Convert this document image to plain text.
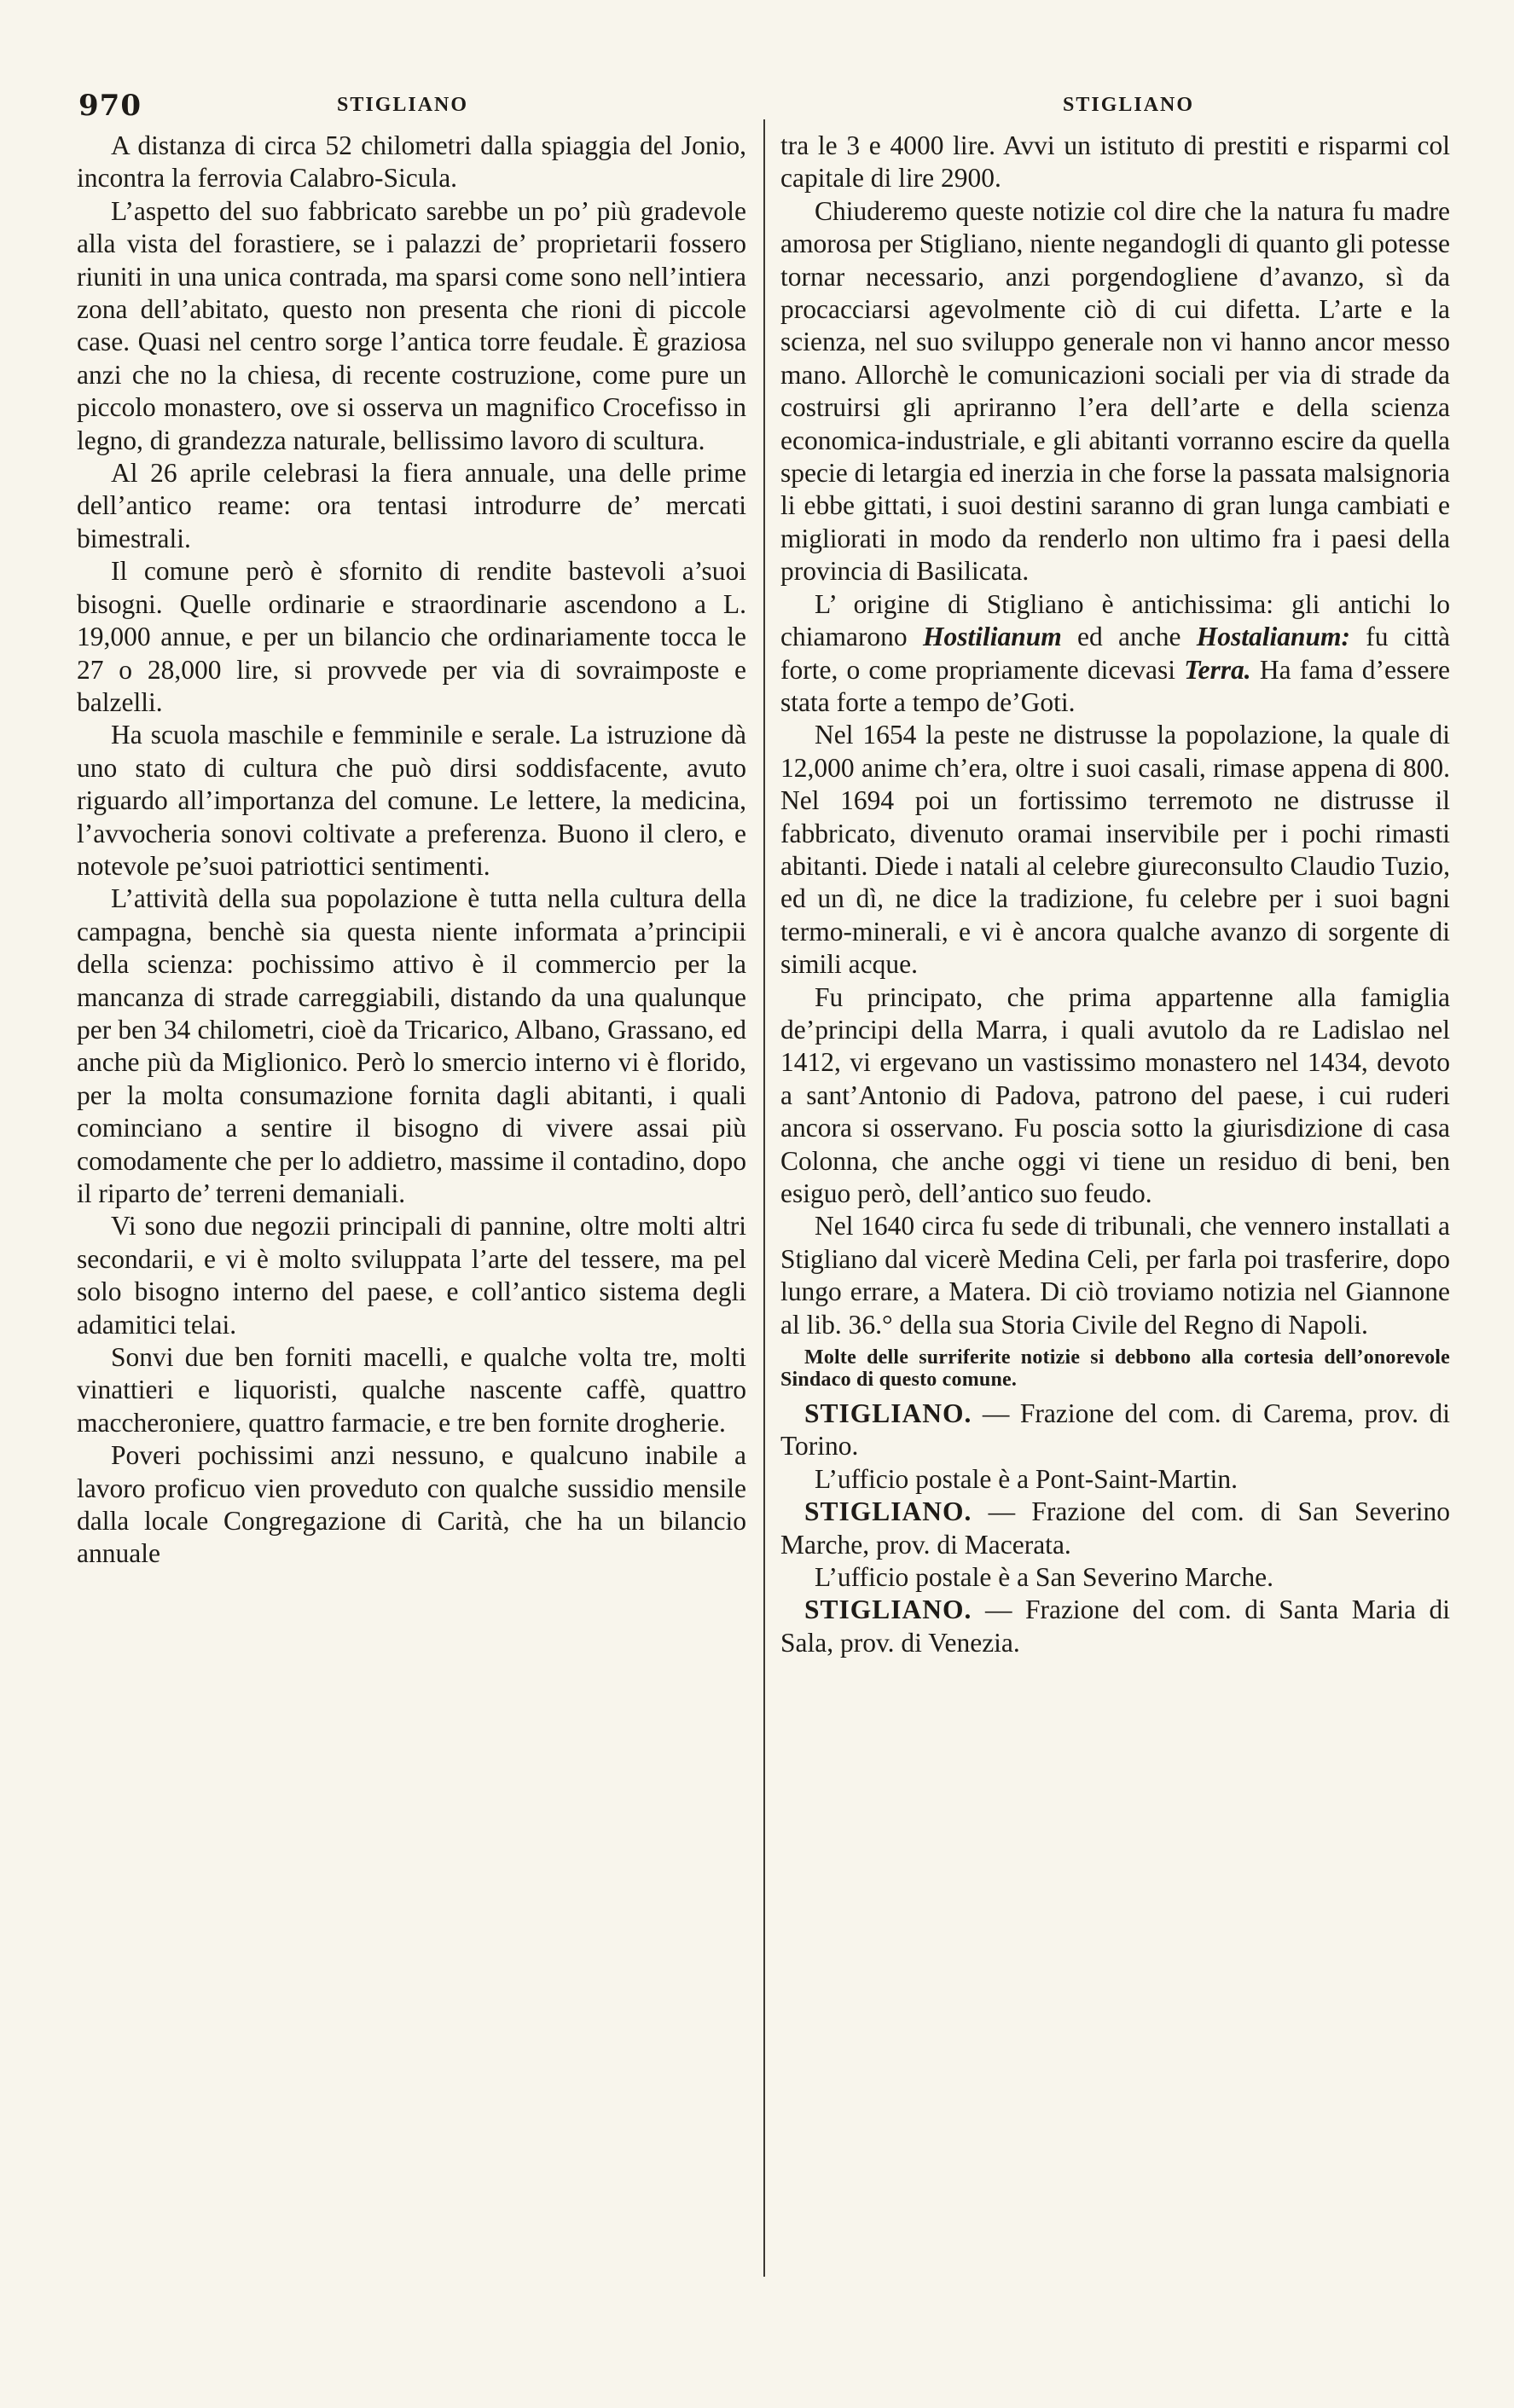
970	STIGLIANO	STIGLIANO

A distanza di circa 52 chilometri dalla spiaggia del Jonio, incontra la ferrovia Calabro-Sicula.

L’aspetto del suo fabbricato sarebbe un po’ più gradevole alla vista del forastiere, se i palazzi de’ proprietarii fossero riuniti in una unica contrada, ma sparsi come sono nell’intiera zona dell’abitato, questo non presenta che rioni di piccole case. Quasi nel centro sorge l’antica torre feudale. È graziosa anzi che no la chiesa, di recente costruzione, come pure un piccolo monastero, ove si osserva un magnifico Crocefisso in legno, di grandezza naturale, bellissimo lavoro di scultura.

Al 26 aprile celebrasi la fiera annuale, una delle prime dell’antico reame: ora tentasi introdurre de’ mercati bimestrali.

Il comune però è sfornito di rendite bastevoli a’suoi bisogni. Quelle ordinarie e straordinarie ascendono a L. 19,000 annue, e per un bilancio che ordinariamente tocca le 27 o 28,000 lire, si provvede per via di sovraimposte e balzelli.

Ha scuola maschile e femminile e serale. La istruzione dà uno stato di cultura che può dirsi soddisfacente, avuto riguardo all’importanza del comune. Le lettere, la medicina, l’avvocheria sonovi coltivate a preferenza. Buono il clero, e notevole pe’suoi patriottici sentimenti.

L’attività della sua popolazione è tutta nella cultura della campagna, benchè sia questa niente informata a’principii della scienza: pochissimo attivo è il commercio per la mancanza di strade carreggiabili, distando da una qualunque per ben 34 chilometri, cioè da Tricarico, Albano, Grassano, ed anche più da Miglionico. Però lo smercio interno vi è florido, per la molta consumazione fornita dagli abitanti, i quali cominciano a sentire il bisogno di vivere assai più comodamente che per lo addietro, massime il contadino, dopo il riparto de’ terreni demaniali.

Vi sono due negozii principali di pannine, oltre molti altri secondarii, e vi è molto sviluppata l’arte del tessere, ma pel solo bisogno interno del paese, e coll’antico sistema degli adamitici telai.

Sonvi due ben forniti macelli, e qualche volta tre, molti vinattieri e liquoristi, qualche nascente caffè, quattro maccheroniere, quattro farmacie, e tre ben fornite drogherie.

Poveri pochissimi anzi nessuno, e qualcuno inabile a lavoro proficuo vien proveduto con qualche sussidio mensile dalla locale Congregazione di Carità, che ha un bilancio annuale

tra le 3 e 4000 lire. Avvi un istituto di prestiti e risparmi col capitale di lire 2900.

Chiuderemo queste notizie col dire che la natura fu madre amorosa per Stigliano, niente negandogli di quanto gli potesse tornar necessario, anzi porgendogliene d’avanzo, sì da procacciarsi agevolmente ciò di cui difetta. L’arte e la scienza, nel suo sviluppo generale non vi hanno ancor messo mano. Allorchè le comunicazioni sociali per via di strade da costruirsi gli apriranno l’era dell’arte e della scienza economica-industriale, e gli abitanti vorranno escire da quella specie di letargia ed inerzia in che forse la passata malsignoria li ebbe gittati, i suoi destini saranno di gran lunga cambiati e migliorati in modo da renderlo non ultimo fra i paesi della provincia di Basilicata.

L’ origine di Stigliano è antichissima: gli antichi lo chiamarono Hostilianum ed anche Hostalianum: fu città forte, o come propriamente dicevasi Terra. Ha fama d’essere stata forte a tempo de’Goti.

Nel 1654 la peste ne distrusse la popolazione, la quale di 12,000 anime ch’era, oltre i suoi casali, rimase appena di 800. Nel 1694 poi un fortissimo terremoto ne distrusse il fabbricato, divenuto oramai inservibile per i pochi rimasti abitanti. Diede i natali al celebre giureconsulto Claudio Tuzio, ed un dì, ne dice la tradizione, fu celebre per i suoi bagni termo-minerali, e vi è ancora qualche avanzo di sorgente di simili acque.

Fu principato, che prima appartenne alla famiglia de’principi della Marra, i quali avutolo da re Ladislao nel 1412, vi ergevano un vastissimo monastero nel 1434, devoto a sant’Antonio di Padova, patrono del paese, i cui ruderi ancora si osservano. Fu poscia sotto la giurisdizione di casa Colonna, che anche oggi vi tiene un residuo di beni, ben esiguo però, dell’antico suo feudo.

Nel 1640 circa fu sede di tribunali, che vennero installati a Stigliano dal vicerè Medina Celi, per farla poi trasferire, dopo lungo errare, a Matera. Di ciò troviamo notizia nel Giannone al lib. 36.° della sua Storia Civile del Regno di Napoli.

Molte delle surriferite notizie si debbono alla cortesia dell’onorevole Sindaco di questo comune.

STIGLIANO. — Frazione del com. di Carema, prov. di Torino.

L’ufficio postale è a Pont-Saint-Martin.

STIGLIANO. — Frazione del com. di San Severino Marche, prov. di Macerata.

L’ufficio postale è a San Severino Marche.

STIGLIANO. — Frazione del com. di Santa Maria di Sala, prov. di Venezia.
